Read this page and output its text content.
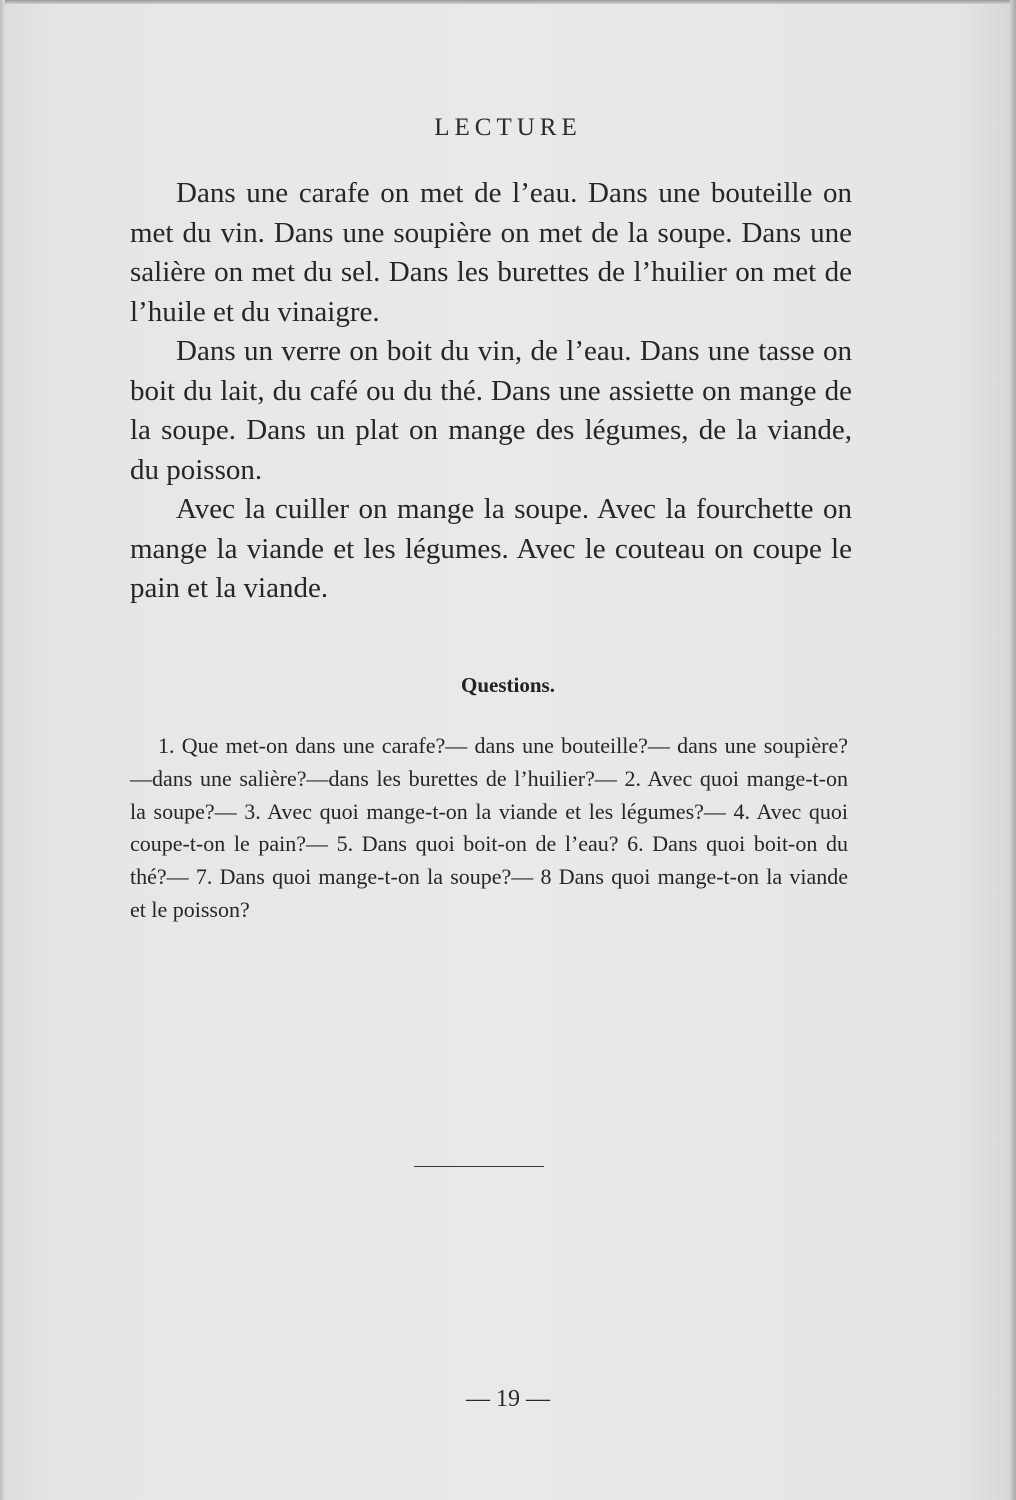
LECTURE

Dans une carafe on met de l’eau. Dans une bouteille on met du vin. Dans une soupière on met de la soupe. Dans une salière on met du sel. Dans les burettes de l’huilier on met de l’huile et du vinaigre.

Dans un verre on boit du vin, de l’eau. Dans une tasse on boit du lait, du café ou du thé. Dans une assiette on mange de la soupe. Dans un plat on mange des légumes, de la viande, du poisson.

Avec la cuiller on mange la soupe. Avec la fourchette on mange la viande et les légumes. Avec le couteau on coupe le pain et la viande.

Questions.

1. Que met-on dans une carafe?— dans une bouteille?— dans une soupière?—dans une salière?—dans les burettes de l’huilier?— 2. Avec quoi mange-t-on la soupe?— 3. Avec quoi mange-t-on la viande et les légumes?— 4. Avec quoi coupe-t-on le pain?— 5. Dans quoi boit-on de l’eau? 6. Dans quoi boit-on du thé?— 7. Dans quoi mange-t-on la soupe?— 8 Dans quoi mange-t-on la viande et le poisson?

— 19 —
